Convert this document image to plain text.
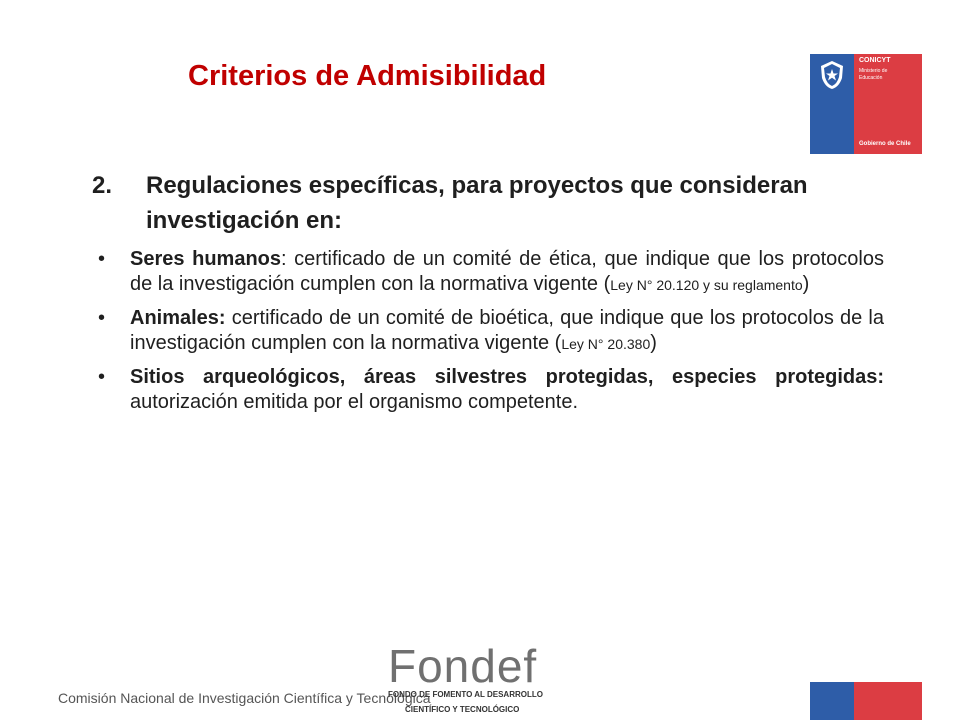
Criterios de Admisibilidad	CONICYT
Ministerio de Educación
Gobierno de Chile
2. Regulaciones específicas, para proyectos que consideran investigación en:
• Seres humanos: certificado de un comité de ética, que indique que los protocolos de la investigación cumplen con la normativa vigente (Ley N° 20.120 y su reglamento)
• Animales: certificado de un comité de bioética, que indique que los protocolos de la investigación cumplen con la normativa vigente (Ley N° 20.380)
• Sitios arqueológicos, áreas silvestres protegidas, especies protegidas: autorización emitida por el organismo competente.
Comisión Nacional de Investigación Científica y Tecnológica
Fondef
FONDO DE FOMENTO AL DESARROLLO
CIENTÍFICO Y TECNOLÓGICO
